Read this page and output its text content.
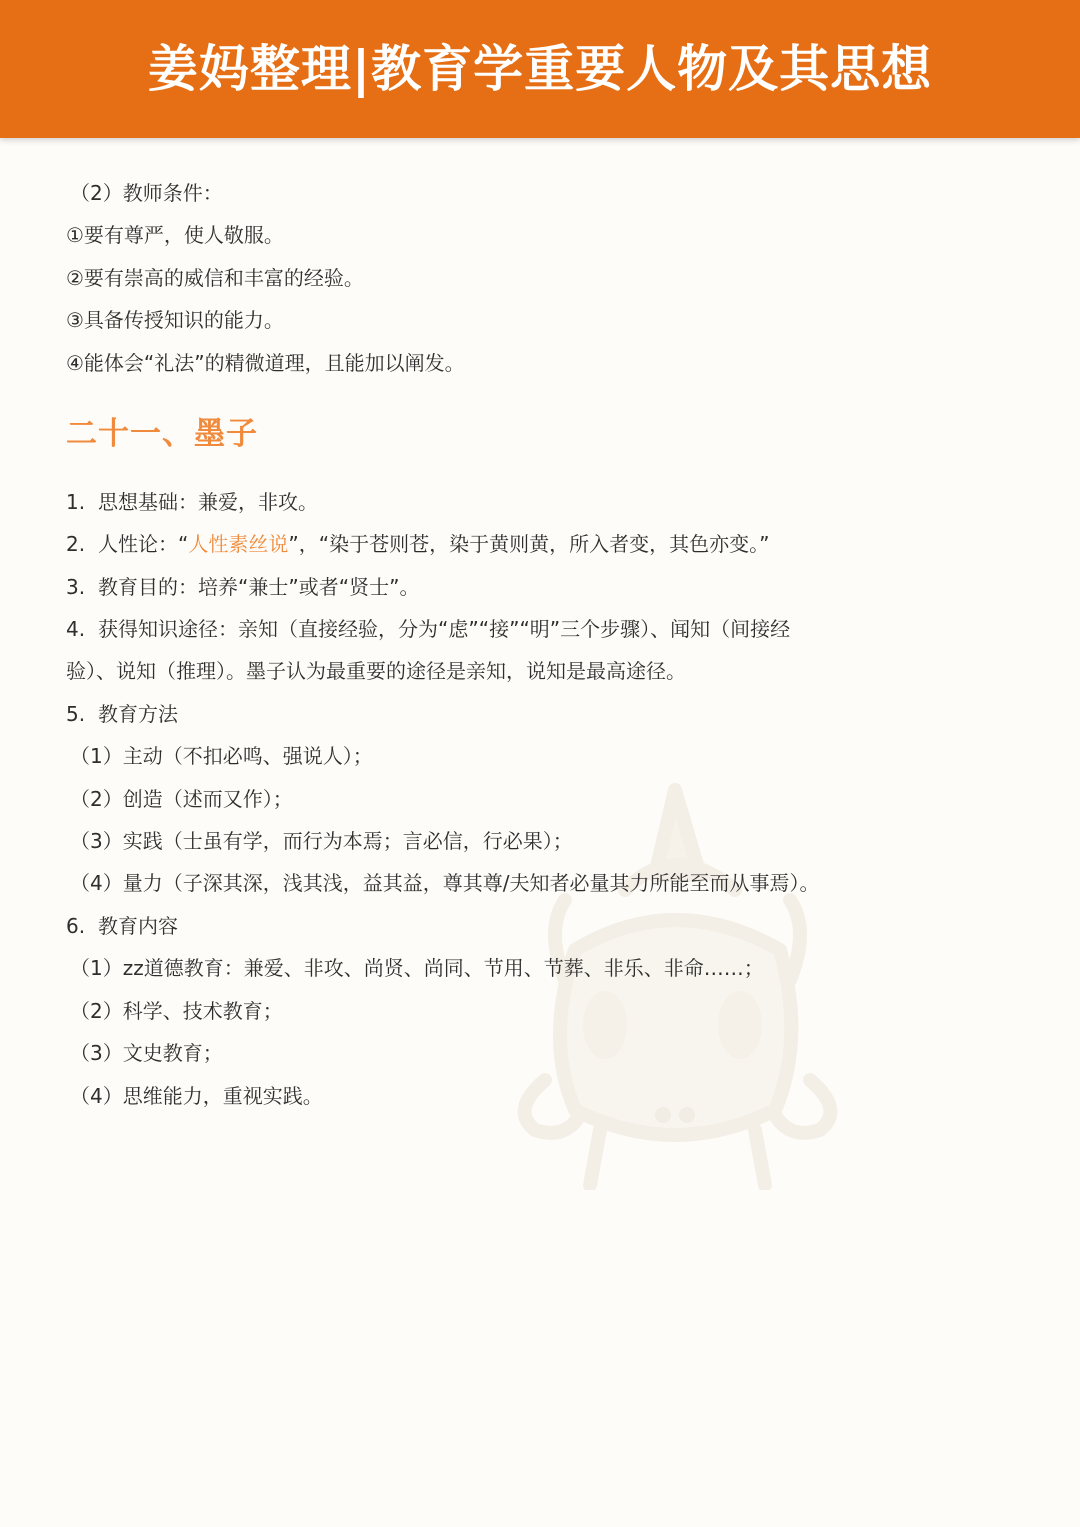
姜妈整理|教育学重要人物及其思想
（2）教师条件：
①要有尊严，使人敬服。
②要有崇高的威信和丰富的经验。
③具备传授知识的能力。
④能体会“礼法”的精微道理，且能加以阐发。
二十一、墨子
1. 思想基础：兼爱，非攻。
2. 人性论：“人性素丝说”，“染于苍则苍，染于黄则黄，所入者变，其色亦变。”
3. 教育目的：培养“兼士”或者“贤士”。
4. 获得知识途径：亲知（直接经验，分为“虑”“接”“明”三个步骤）、闻知（间接经
验）、说知（推理）。墨子认为最重要的途径是亲知，说知是最高途径。
5. 教育方法
（1）主动（不扣必鸣、强说人）；
（2）创造（述而又作）；
（3）实践（士虽有学，而行为本焉；言必信，行必果）；
（4）量力（子深其深，浅其浅，益其益，尊其尊/夫知者必量其力所能至而从事焉）。
6. 教育内容
（1）zz道德教育：兼爱、非攻、尚贤、尚同、节用、节葬、非乐、非命……；
（2）科学、技术教育；
（3）文史教育；
（4）思维能力，重视实践。
